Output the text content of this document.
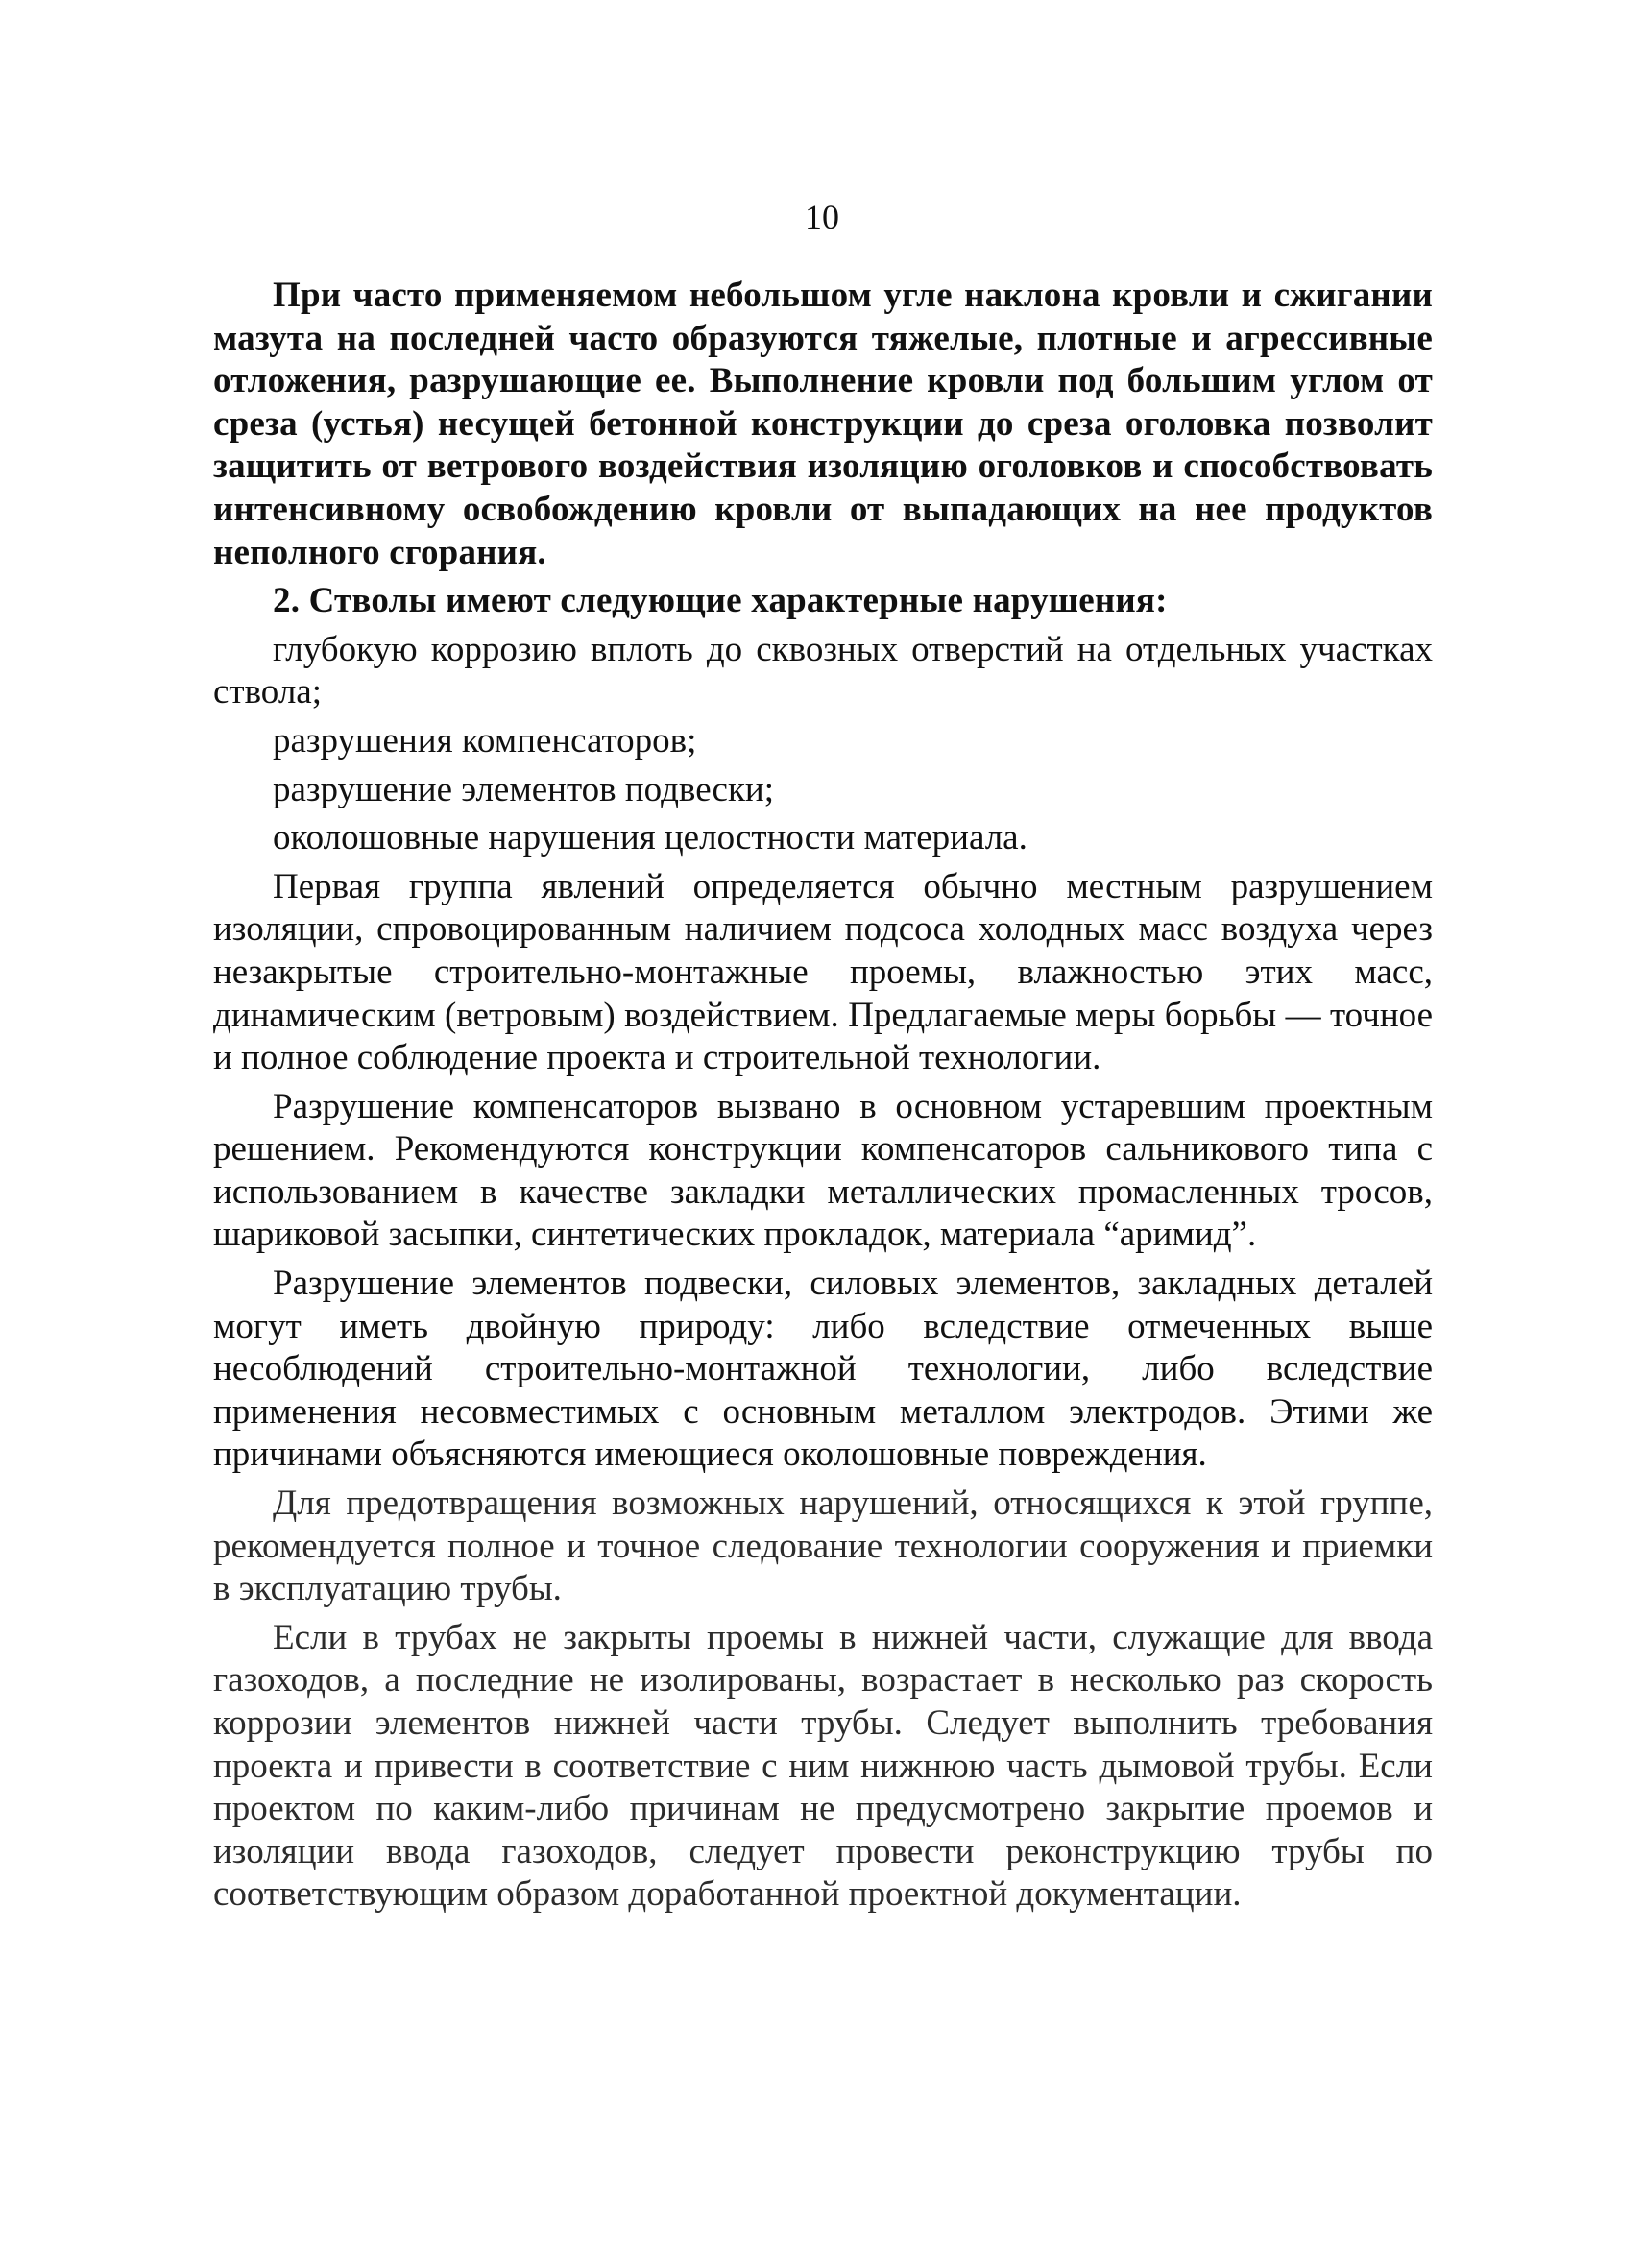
10

При часто применяемом небольшом угле наклона кровли и сжигании мазута на последней часто образуются тяжелые, плотные и агрессивные отложения, разрушающие ее. Выполнение кровли под большим углом от среза (устья) несущей бетонной конструкции до среза оголовка позволит защитить от ветрового воздействия изоляцию оголовков и способствовать интенсивному освобождению кровли от выпадающих на нее продуктов неполного сгорания.

2. Стволы имеют следующие характерные нарушения:

глубокую коррозию вплоть до сквозных отверстий на отдельных участках ствола;

разрушения компенсаторов;

разрушение элементов подвески;

околошовные нарушения целостности материала.

Первая группа явлений определяется обычно местным разрушением изоляции, спровоцированным наличием подсоса холодных масс воздуха через незакрытые строительно-монтажные проемы, влажностью этих масс, динамическим (ветровым) воздействием. Предлагаемые меры борьбы — точное и полное соблюдение проекта и строительной технологии.

Разрушение компенсаторов вызвано в основном устаревшим проектным решением. Рекомендуются конструкции компенсаторов сальникового типа с использованием в качестве закладки металлических промасленных тросов, шариковой засыпки, синтетических прокладок, материала “аримид”.

Разрушение элементов подвески, силовых элементов, закладных деталей могут иметь двойную природу: либо вследствие отмеченных выше несоблюдений строительно-монтажной технологии, либо вследствие применения несовместимых с основным металлом электродов. Этими же причинами объясняются имеющиеся околошовные повреждения.

Для предотвращения возможных нарушений, относящихся к этой группе, рекомендуется полное и точное следование технологии сооружения и приемки в эксплуатацию трубы.

Если в трубах не закрыты проемы в нижней части, служащие для ввода газоходов, а последние не изолированы, возрастает в несколько раз скорость коррозии элементов нижней части трубы. Следует выполнить требования проекта и привести в соответствие с ним нижнюю часть дымовой трубы. Если проектом по каким-либо причинам не предусмотрено закрытие проемов и изоляции ввода газоходов, следует провести реконструкцию трубы по соответствующим образом доработанной проектной документации.
